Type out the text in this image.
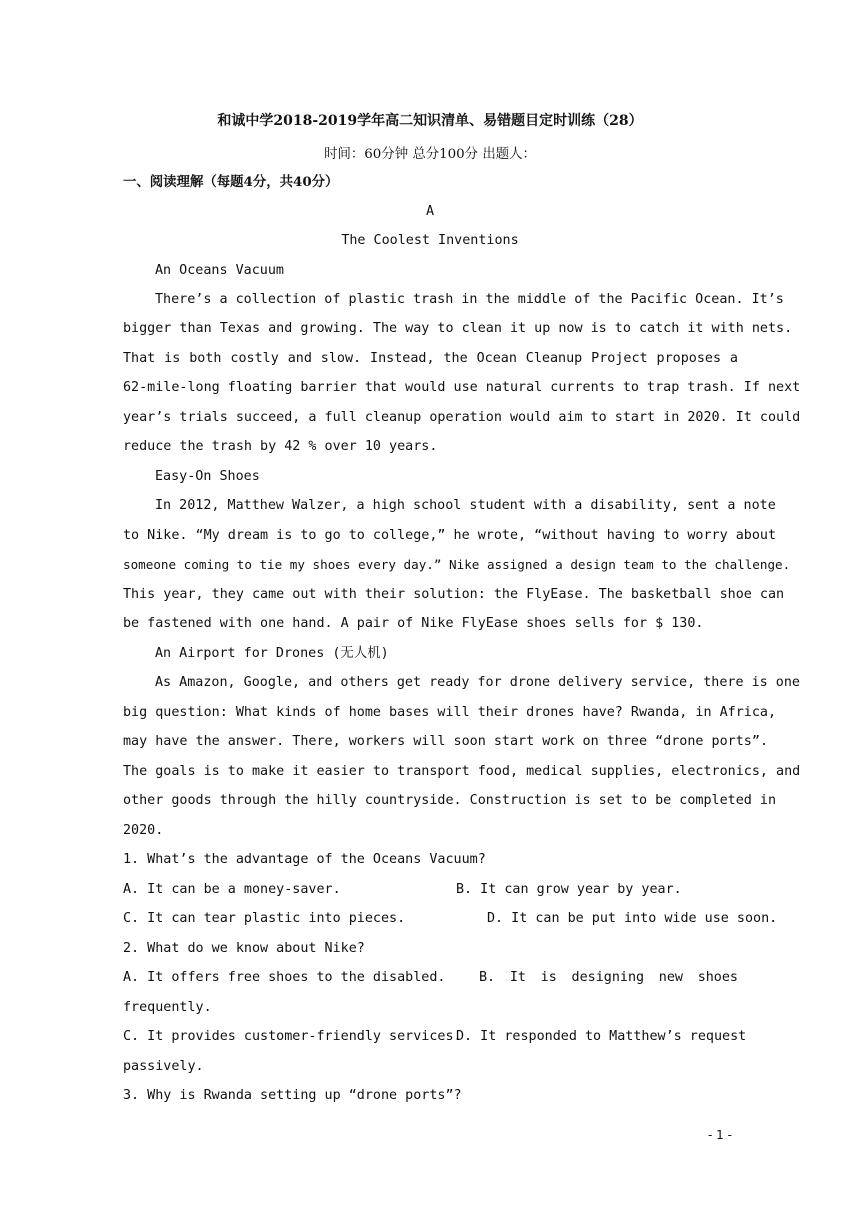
和诚中学2018-2019学年高二知识清单、易错题目定时训练（28）
时间：60分钟 总分100分 出题人：
一、阅读理解（每题4分，共40分）
A
The Coolest Inventions
An Oceans Vacuum
There’s a collection of plastic trash in the middle of the Pacific Ocean. It’s
bigger than Texas and growing. The way to clean it up now is to catch it with nets.
That is both costly and slow. Instead, the Ocean Cleanup Project proposes a
62-mile-long floating barrier that would use natural currents to trap trash. If next
year’s trials succeed, a full cleanup operation would aim to start in 2020. It could
reduce the trash by 42 % over 10 years.
Easy-On Shoes
In 2012, Matthew Walzer, a high school student with a disability, sent a note
to Nike. “My dream is to go to college,” he wrote, “without having to worry about
someone coming to tie my shoes every day.” Nike assigned a design team to the challenge.
This year, they came out with their solution: the FlyEase. The basketball shoe can
be fastened with one hand. A pair of Nike FlyEase shoes sells for $ 130.
An Airport for Drones (无人机)
As Amazon, Google, and others get ready for drone delivery service, there is one
big question: What kinds of home bases will their drones have? Rwanda, in Africa,
may have the answer. There, workers will soon start work on three “drone ports”.
The goals is to make it easier to transport food, medical supplies, electronics, and
other goods through the hilly countryside. Construction is set to be completed in
2020.
1. What’s the advantage of the Oceans Vacuum?
A. It can be a money-saver.	B. It can grow year by year.
C. It can tear plastic into pieces.	D. It can be put into wide use soon.
2. What do we know about Nike?
A. It offers free shoes to the disabled.	B. It is designing new shoes
frequently.
C. It provides customer-friendly services.
D. It responded to Matthew’s request
passively.
3. Why is Rwanda setting up “drone ports”?
- 1 -
